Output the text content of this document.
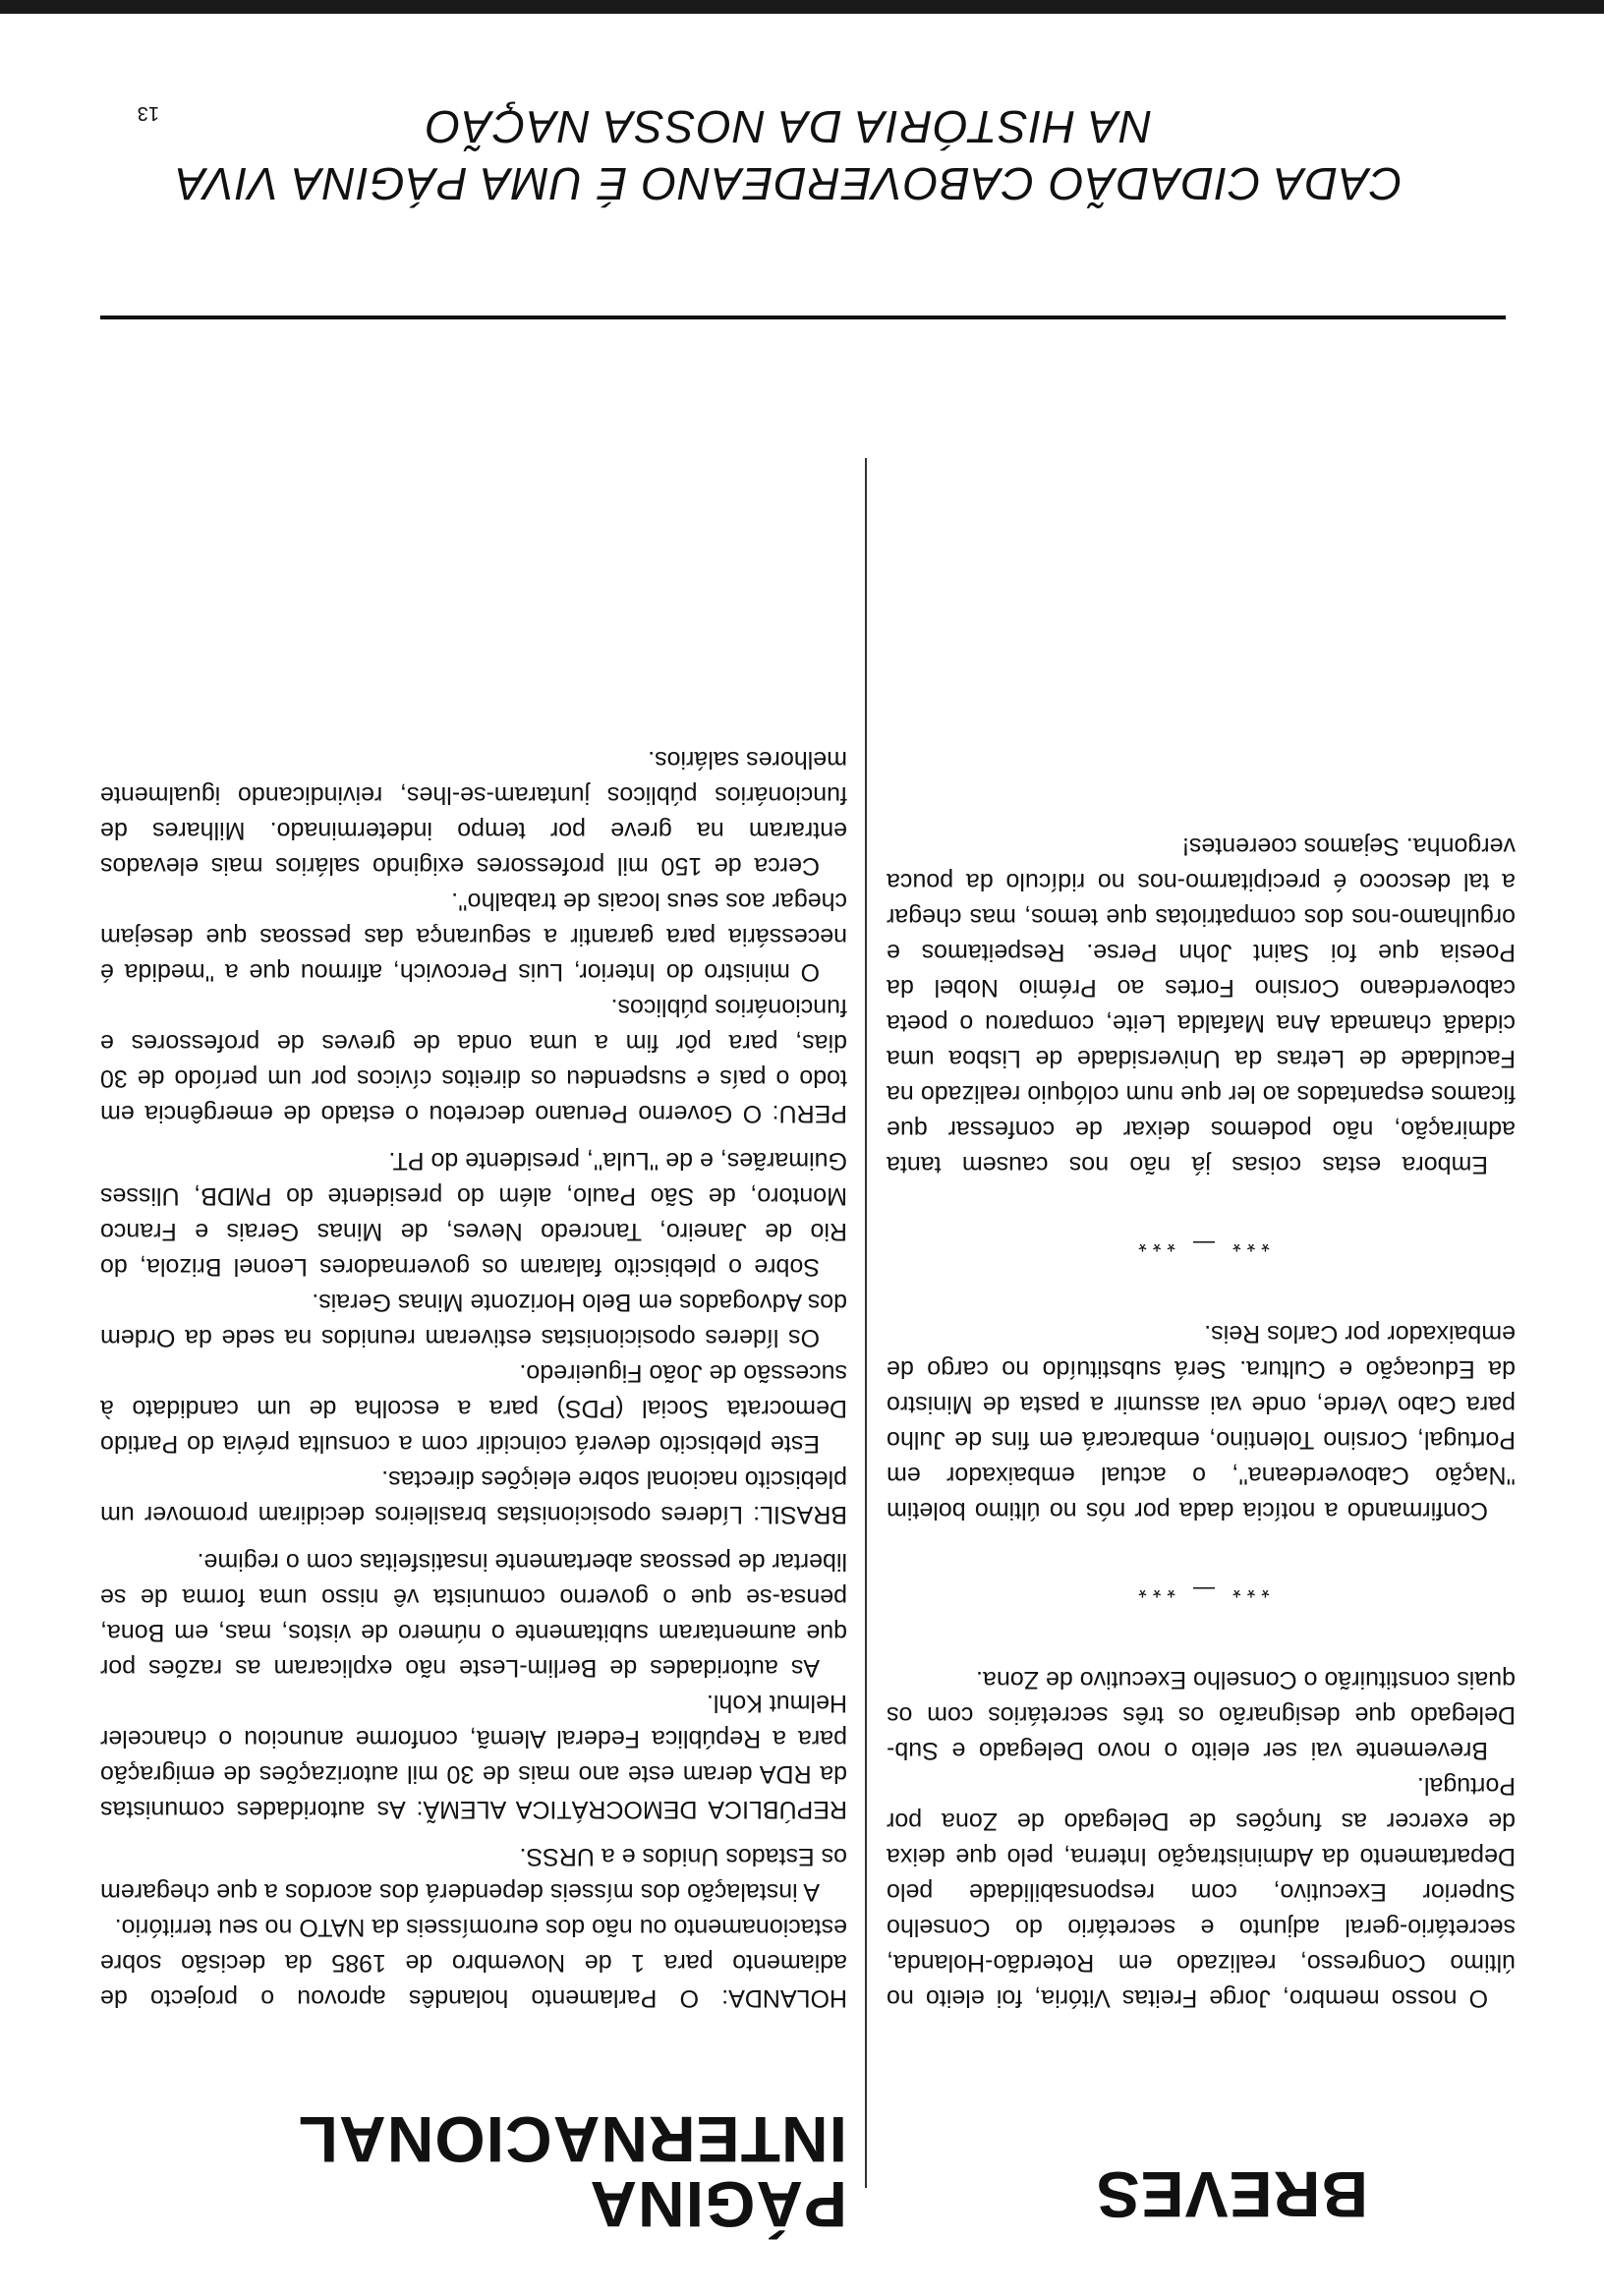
PÁGINA
INTERNACIONAL
BREVES

HOLANDA: O Parlamento holandês aprovou o projecto de adiamento para 1 de Novembro de 1985 da decisão sobre estacionamento ou não dos euromísseis da NATO no seu território.

A instalação dos mísseis dependerá dos acordos a que chegarem os Estados Unidos e a URSS.

REPÚBLICA DEMOCRÁTICA ALEMÃ: As autoridades comunistas da RDA deram este ano mais de 30 mil autorizações de emigração para a República Federal Alemã, conforme anunciou o chanceler Helmut Kohl.

As autoridades de Berlim-Leste não explicaram as razões por que aumentaram subitamente o número de vistos, mas, em Bona, pensa-se que o governo comunista vê nisso uma forma de se libertar de pessoas abertamente insatisfeitas com o regime.

BRASIL: Líderes oposicionistas brasileiros decidiram promover um plebiscito nacional sobre eleições directas.

Este plebiscito deverá coincidir com a consulta prévia do Partido Democrata Social (PDS) para a escolha de um candidato à sucessão de João Figueiredo.

Os líderes oposicionistas estiveram reunidos na sede da Ordem dos Advogados em Belo Horizonte Minas Gerais.

Sobre o plebiscito falaram os governadores Leonel Brizola, do Rio de Janeiro, Tancredo Neves, de Minas Gerais e Franco Montoro, de São Paulo, além do presidente do PMDB, Ulisses Guimarães, e de ''Lula'', presidente do PT.

PERU: O Governo Peruano decretou o estado de emergência em todo o país e suspendeu os direitos cívicos por um período de 30 dias, para pôr fim a uma onda de greves de professores e funcionários públicos.

O ministro do Interior, Luis Percovich, afirmou que a ''medida é necessária para garantir a segurança das pessoas que desejam chegar aos seus locais de trabalho''.

Cerca de 150 mil professores exigindo salários mais elevados entraram na greve por tempo indeterminado. Milhares de funcionários públicos juntaram-se-lhes, reivindicando igualmente melhores salários.

O nosso membro, Jorge Freitas Vitória, foi eleito no último Congresso, realizado em Roterdão-Holanda, secretário-geral adjunto e secretário do Conselho Superior Executivo, com responsabilidade pelo Departamento da Administração Interna, pelo que deixa de exercer as funções de Delegado de Zona por Portugal.

Brevemente vai ser eleito o novo Delegado e Sub-Delegado que designarão os três secretários com os quais constituirão o Conselho Executivo de Zona.

*** — ***

Confirmando a notícia dada por nós no último boletim ''Nação Caboverdeana'', o actual embaixador em Portugal, Corsino Tolentino, embarcará em fins de Julho para Cabo Verde, onde vai assumir a pasta de Ministro da Educação e Cultura. Será substituído no cargo de embaixador por Carlos Reis.

*** — ***

Embora estas coisas já não nos causem tanta admiração, não podemos deixar de confessar que ficamos espantados ao ler que num colóquio realizado na Faculdade de Letras da Universidade de Lisboa uma cidadã chamada Ana Mafalda Leite, comparou o poeta caboverdeano Corsino Fortes ao Prémio Nobel da Poesia que foi Saint John Perse. Respeitamos e orgulhamo-nos dos compatriotas que temos, mas chegar a tal descoco é precipitarmo-nos no ridículo da pouca vergonha. Sejamos coerentes!

CADA CIDADÃO CABOVERDEANO É UMA PÁGINA VIVA
NA HISTÓRIA DA NOSSA NAÇÃO
13
